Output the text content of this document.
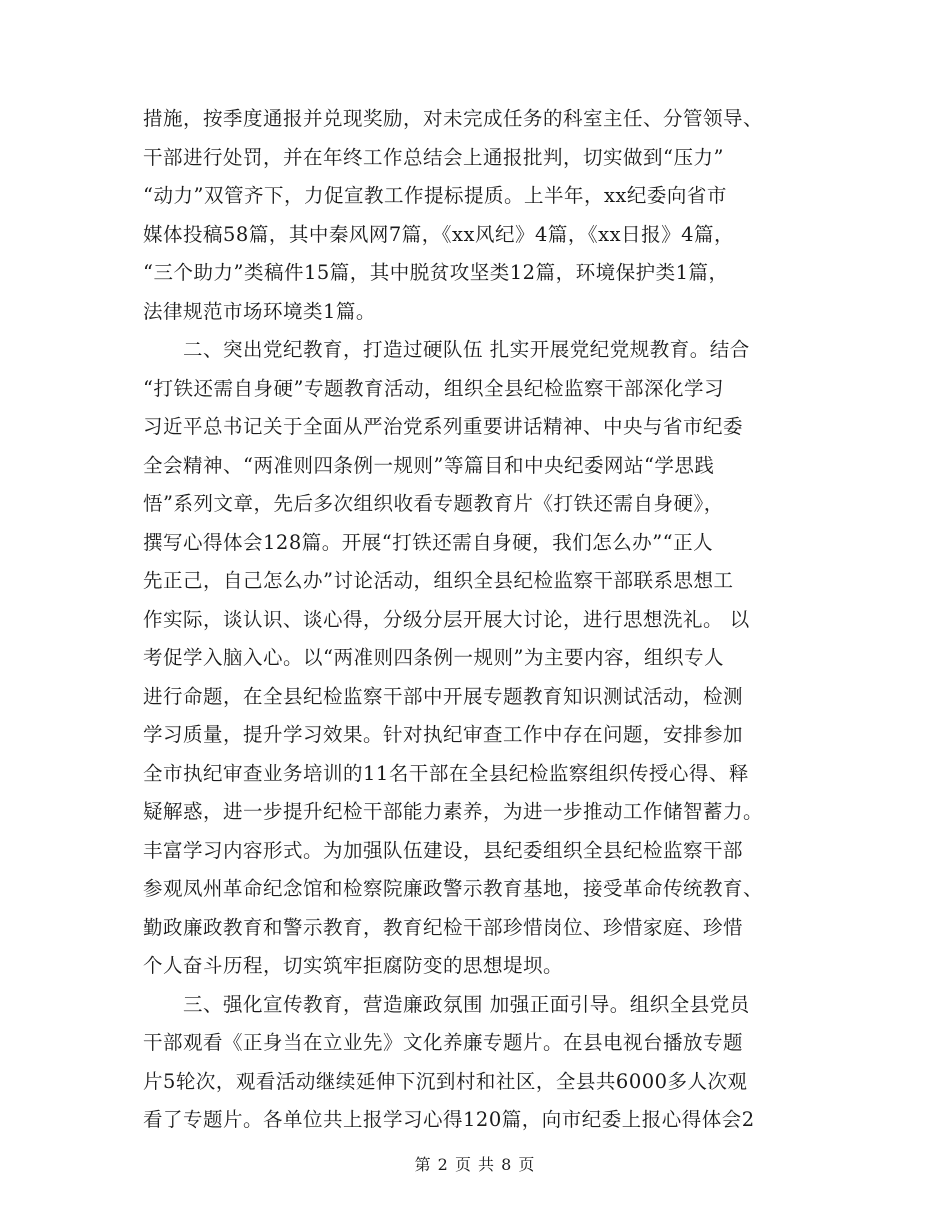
措施，按季度通报并兑现奖励，对未完成任务的科室主任、分管领导、
干部进行处罚，并在年终工作总结会上通报批判，切实做到“压力”
“动力”双管齐下，力促宣教工作提标提质。上半年，xx纪委向省市
媒体投稿58篇，其中秦风网7篇，《xx风纪》4篇，《xx日报》4篇，
“三个助力”类稿件15篇，其中脱贫攻坚类12篇，环境保护类1篇，
法律规范市场环境类1篇。
　　二、突出党纪教育，打造过硬队伍 扎实开展党纪党规教育。结合
“打铁还需自身硬”专题教育活动，组织全县纪检监察干部深化学习
习近平总书记关于全面从严治党系列重要讲话精神、中央与省市纪委
全会精神、“两准则四条例一规则”等篇目和中央纪委网站“学思践
悟”系列文章，先后多次组织收看专题教育片《打铁还需自身硬》，
撰写心得体会128篇。开展“打铁还需自身硬，我们怎么办”“正人
先正己，自己怎么办”讨论活动，组织全县纪检监察干部联系思想工
作实际，谈认识、谈心得，分级分层开展大讨论，进行思想洗礼。 以
考促学入脑入心。以“两准则四条例一规则”为主要内容，组织专人
进行命题，在全县纪检监察干部中开展专题教育知识测试活动，检测
学习质量，提升学习效果。针对执纪审查工作中存在问题，安排参加
全市执纪审查业务培训的11名干部在全县纪检监察组织传授心得、释
疑解惑，进一步提升纪检干部能力素养，为进一步推动工作储智蓄力。
丰富学习内容形式。为加强队伍建设，县纪委组织全县纪检监察干部
参观凤州革命纪念馆和检察院廉政警示教育基地，接受革命传统教育、
勤政廉政教育和警示教育，教育纪检干部珍惜岗位、珍惜家庭、珍惜
个人奋斗历程，切实筑牢拒腐防变的思想堤坝。
　　三、强化宣传教育，营造廉政氛围 加强正面引导。组织全县党员
干部观看《正身当在立业先》文化养廉专题片。在县电视台播放专题
片5轮次，观看活动继续延伸下沉到村和社区，全县共6000多人次观
看了专题片。各单位共上报学习心得120篇，向市纪委上报心得体会2
第 2 页 共 8 页
